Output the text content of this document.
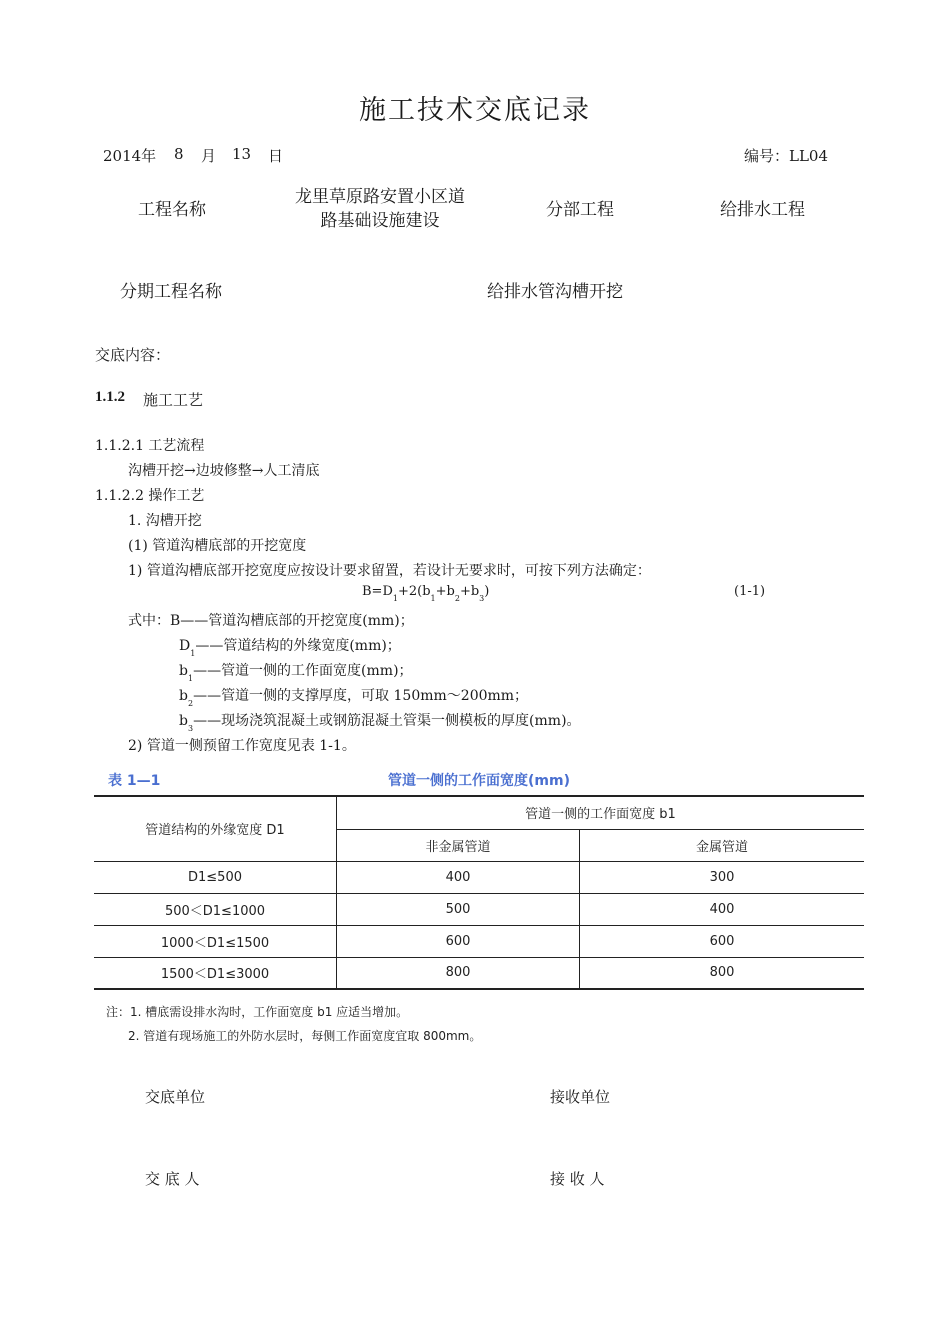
施工技术交底记录
2014年 8 月 13 日	编号：LL04
工程名称
龙里草原路安置小区道
路基础设施建设
分部工程	给排水工程
分期工程名称	给排水管沟槽开挖
交底内容：
1.1.2 施工工艺
1.1.2.1 工艺流程
沟槽开挖→边坡修整→人工清底
1.1.2.2 操作工艺
1. 沟槽开挖
(1) 管道沟槽底部的开挖宽度
1) 管道沟槽底部开挖宽度应按设计要求留置，若设计无要求时，可按下列方法确定：
$B=D_1+2(b_1+b_2+b_3)$	(1-1)
式中：B——管道沟槽底部的开挖宽度(mm)；
$D_1——$管道结构的外缘宽度(mm)；
$b_1——$管道一侧的工作面宽度(mm)；
$b_2——$管道一侧的支撑厚度，可取 150mm～200mm；
$b_3——$现场浇筑混凝土或钢筋混凝土管渠一侧模板的厚度(mm)。
2) 管道一侧预留工作宽度见表 1-1。
表 1—1	管道一侧的工作面宽度(mm)
管道结构的外缘宽度 D1	管道一侧的工作面宽度 b1	
	非金属管道	金属管道
D1≤500	400	300
500＜D1≤1000	500	400
1000＜D1≤1500	600	600
1500＜D1≤3000	800	800
注：1. 槽底需设排水沟时，工作面宽度 b1 应适当增加。
2. 管道有现场施工的外防水层时，每侧工作面宽度宜取 800mm。
交底单位	接收单位
交 底 人	接 收 人
